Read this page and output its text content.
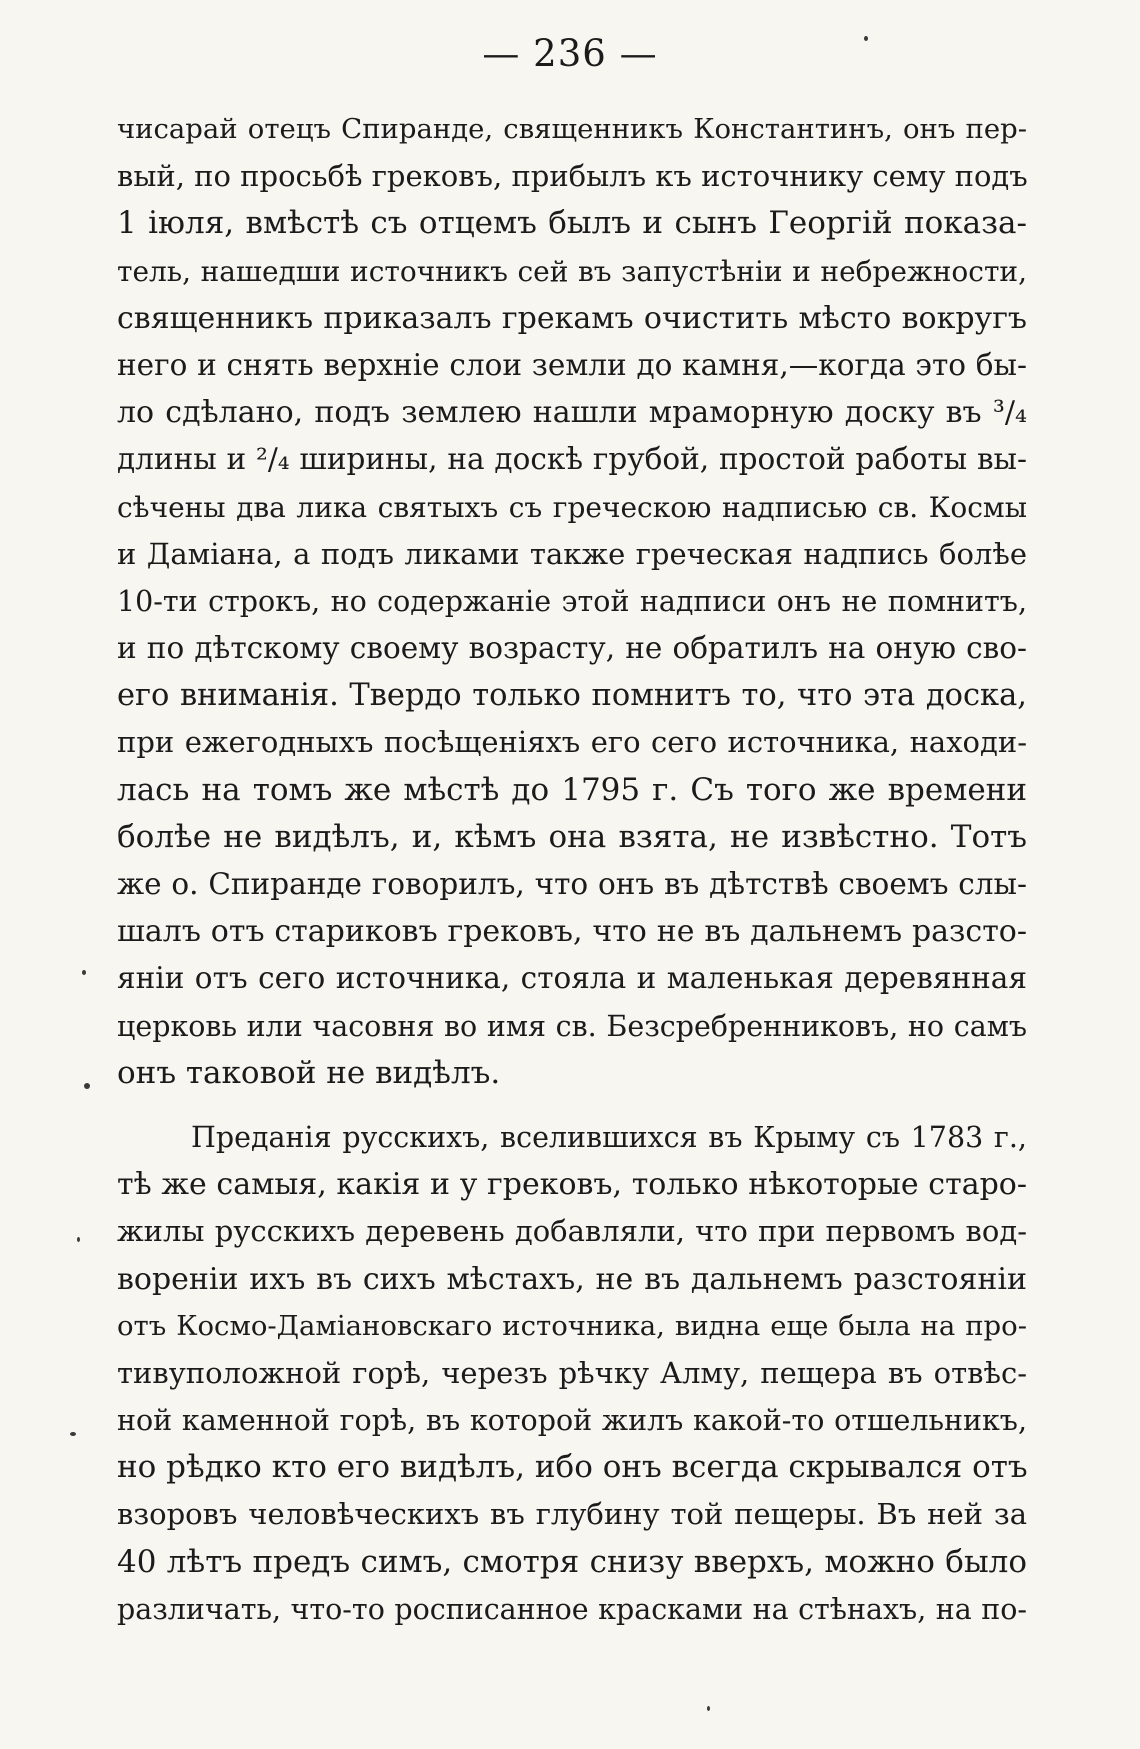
— 236 —
чисарай отецъ Спиранде, священникъ Константинъ, онъ пер-
вый, по просьбѣ грековъ, прибылъ къ источнику сему подъ
1 іюля, вмѣстѣ съ отцемъ былъ и сынъ Георгій показа-
тель, нашедши источникъ сей въ запустѣніи и небрежности,
священникъ приказалъ грекамъ очистить мѣсто вокругъ
него и снять верхніе слои земли до камня,—когда это бы-
ло сдѣлано, подъ землею нашли мраморную доску въ ³/₄
длины и ²/₄ ширины, на доскѣ грубой, простой работы вы-
сѣчены два лика святыхъ съ греческою надписью св. Космы
и Даміана, а подъ ликами также греческая надпись болѣе
10-ти строкъ, но содержаніе этой надписи онъ не помнитъ,
и по дѣтскому своему возрасту, не обратилъ на оную сво-
его вниманія. Твердо только помнитъ то, что эта доска,
при ежегодныхъ посѣщеніяхъ его сего источника, находи-
лась на томъ же мѣстѣ до 1795 г. Съ того же времени
болѣе не видѣлъ, и, кѣмъ она взята, не извѣстно. Тотъ
же о. Спиранде говорилъ, что онъ въ дѣтствѣ своемъ слы-
шалъ отъ стариковъ грековъ, что не въ дальнемъ разсто-
яніи отъ сего источника, стояла и маленькая деревянная
церковь или часовня во имя св. Безсребренниковъ, но самъ
онъ таковой не видѣлъ.
Преданія русскихъ, вселившихся въ Крыму съ 1783 г.,
тѣ же самыя, какія и у грековъ, только нѣкоторые старо-
жилы русскихъ деревень добавляли, что при первомъ вод-
вореніи ихъ въ сихъ мѣстахъ, не въ дальнемъ разстояніи
отъ Космо-Даміановскаго источника, видна еще была на про-
тивуположной горѣ, черезъ рѣчку Алму, пещера въ отвѣс-
ной каменной горѣ, въ которой жилъ какой-то отшельникъ,
но рѣдко кто его видѣлъ, ибо онъ всегда скрывался отъ
взоровъ человѣческихъ въ глубину той пещеры. Въ ней за
40 лѣтъ предъ симъ, смотря снизу вверхъ, можно было
различать, что-то росписанное красками на стѣнахъ, на по-
